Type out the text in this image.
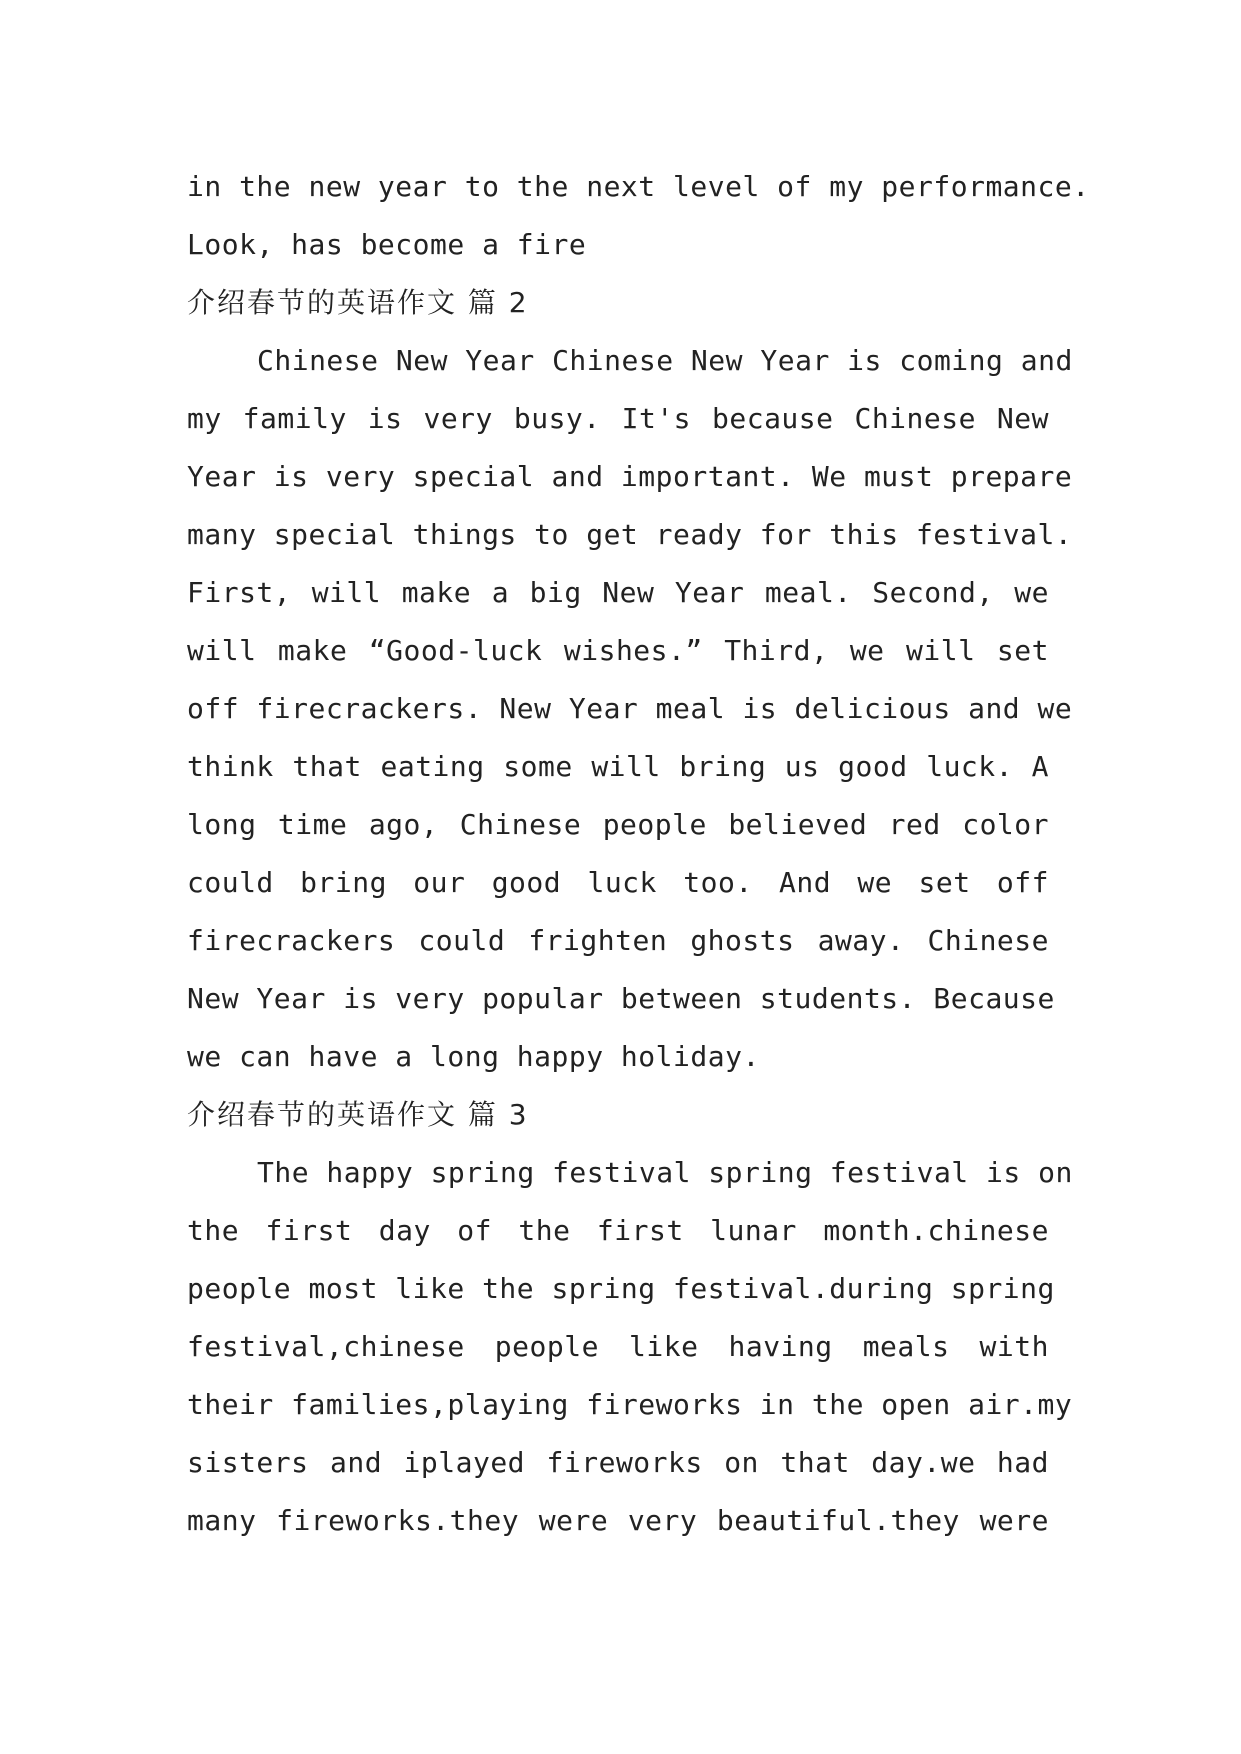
in the new year to the next level of my performance.
Look, has become a fire
介绍春节的英语作文 篇 2
Chinese New Year Chinese New Year is coming and
my family is very busy. It's because Chinese New
Year is very special and important. We must prepare
many special things to get ready for this festival.
First, will make a big New Year meal. Second, we
will make “Good-luck wishes.” Third, we will set
off firecrackers. New Year meal is delicious and we
think that eating some will bring us good luck. A
long time ago, Chinese people believed red color
could bring our good luck too. And we set off
firecrackers could frighten ghosts away. Chinese
New Year is very popular between students. Because
we can have a long happy holiday.
介绍春节的英语作文 篇 3
The happy spring festival spring festival is on
the first day of the first lunar month.chinese
people most like the spring festival.during spring
festival,chinese people like having meals with
their families,playing fireworks in the open air.my
sisters and iplayed fireworks on that day.we had
many fireworks.they were very beautiful.they were
